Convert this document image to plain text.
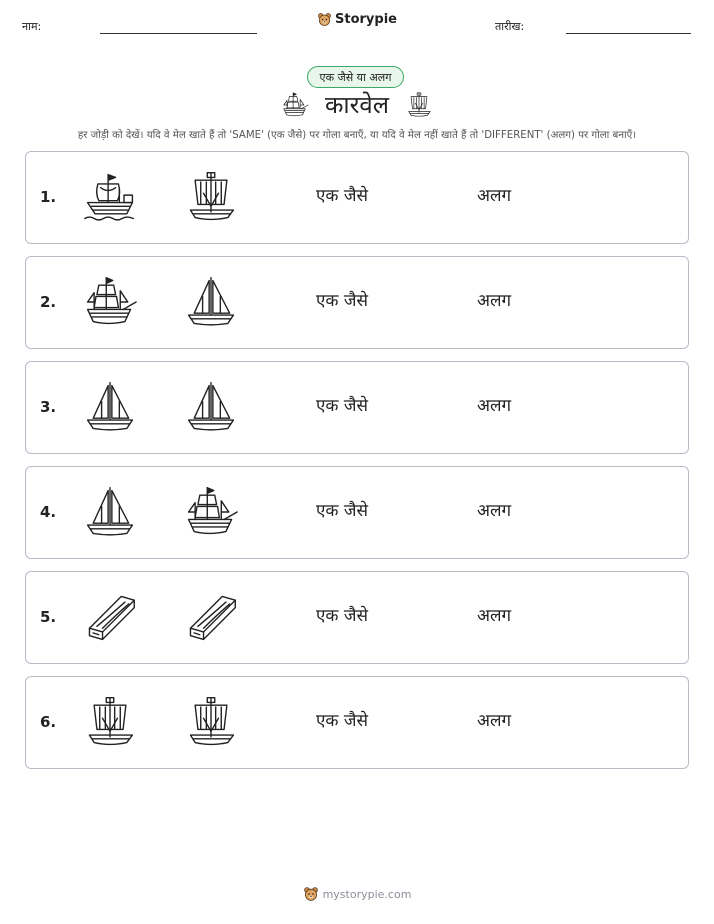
नाम:	Storypie	तारीख:
एक जैसे या अलग
कारवेल
हर जोड़ी को देखें। यदि वे मेल खाते हैं तो 'SAME' (एक जैसे) पर गोला बनाएँ, या यदि वे मेल नहीं खाते हैं तो 'DIFFERENT' (अलग) पर गोला बनाएँ।
1.	एक जैसे	अलग
2.	एक जैसे	अलग
3.	एक जैसे	अलग
4.	एक जैसे	अलग
5.	एक जैसे	अलग
6.	एक जैसे	अलग
mystorypie.com
